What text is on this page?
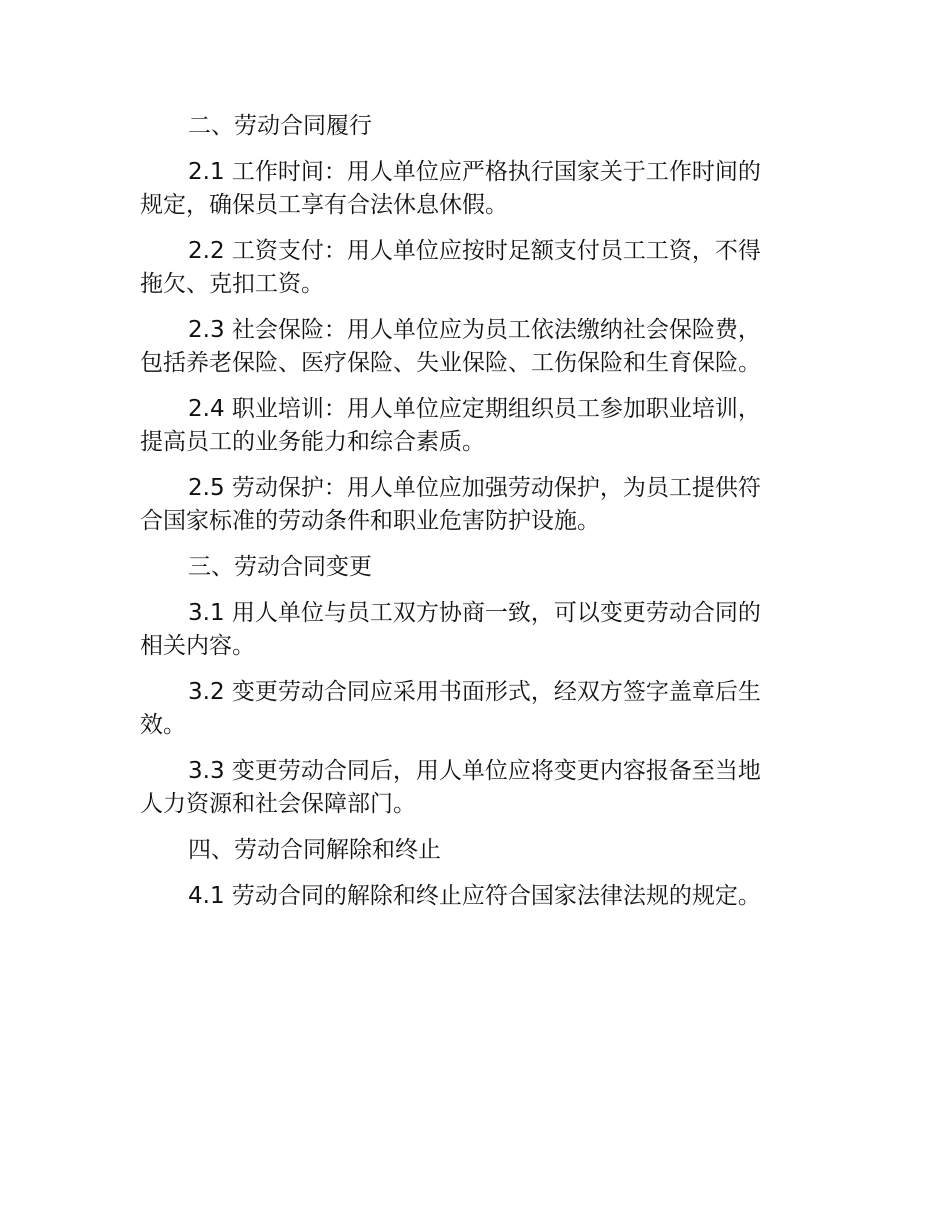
二、劳动合同履行

2.1 工作时间：用人单位应严格执行国家关于工作时间的
规定，确保员工享有合法休息休假。

2.2 工资支付：用人单位应按时足额支付员工工资，不得
拖欠、克扣工资。

2.3 社会保险：用人单位应为员工依法缴纳社会保险费，
包括养老保险、医疗保险、失业保险、工伤保险和生育保险。

2.4 职业培训：用人单位应定期组织员工参加职业培训，
提高员工的业务能力和综合素质。

2.5 劳动保护：用人单位应加强劳动保护，为员工提供符
合国家标准的劳动条件和职业危害防护设施。

三、劳动合同变更

3.1 用人单位与员工双方协商一致，可以变更劳动合同的
相关内容。

3.2 变更劳动合同应采用书面形式，经双方签字盖章后生
效。

3.3 变更劳动合同后，用人单位应将变更内容报备至当地
人力资源和社会保障部门。

四、劳动合同解除和终止

4.1 劳动合同的解除和终止应符合国家法律法规的规定。
